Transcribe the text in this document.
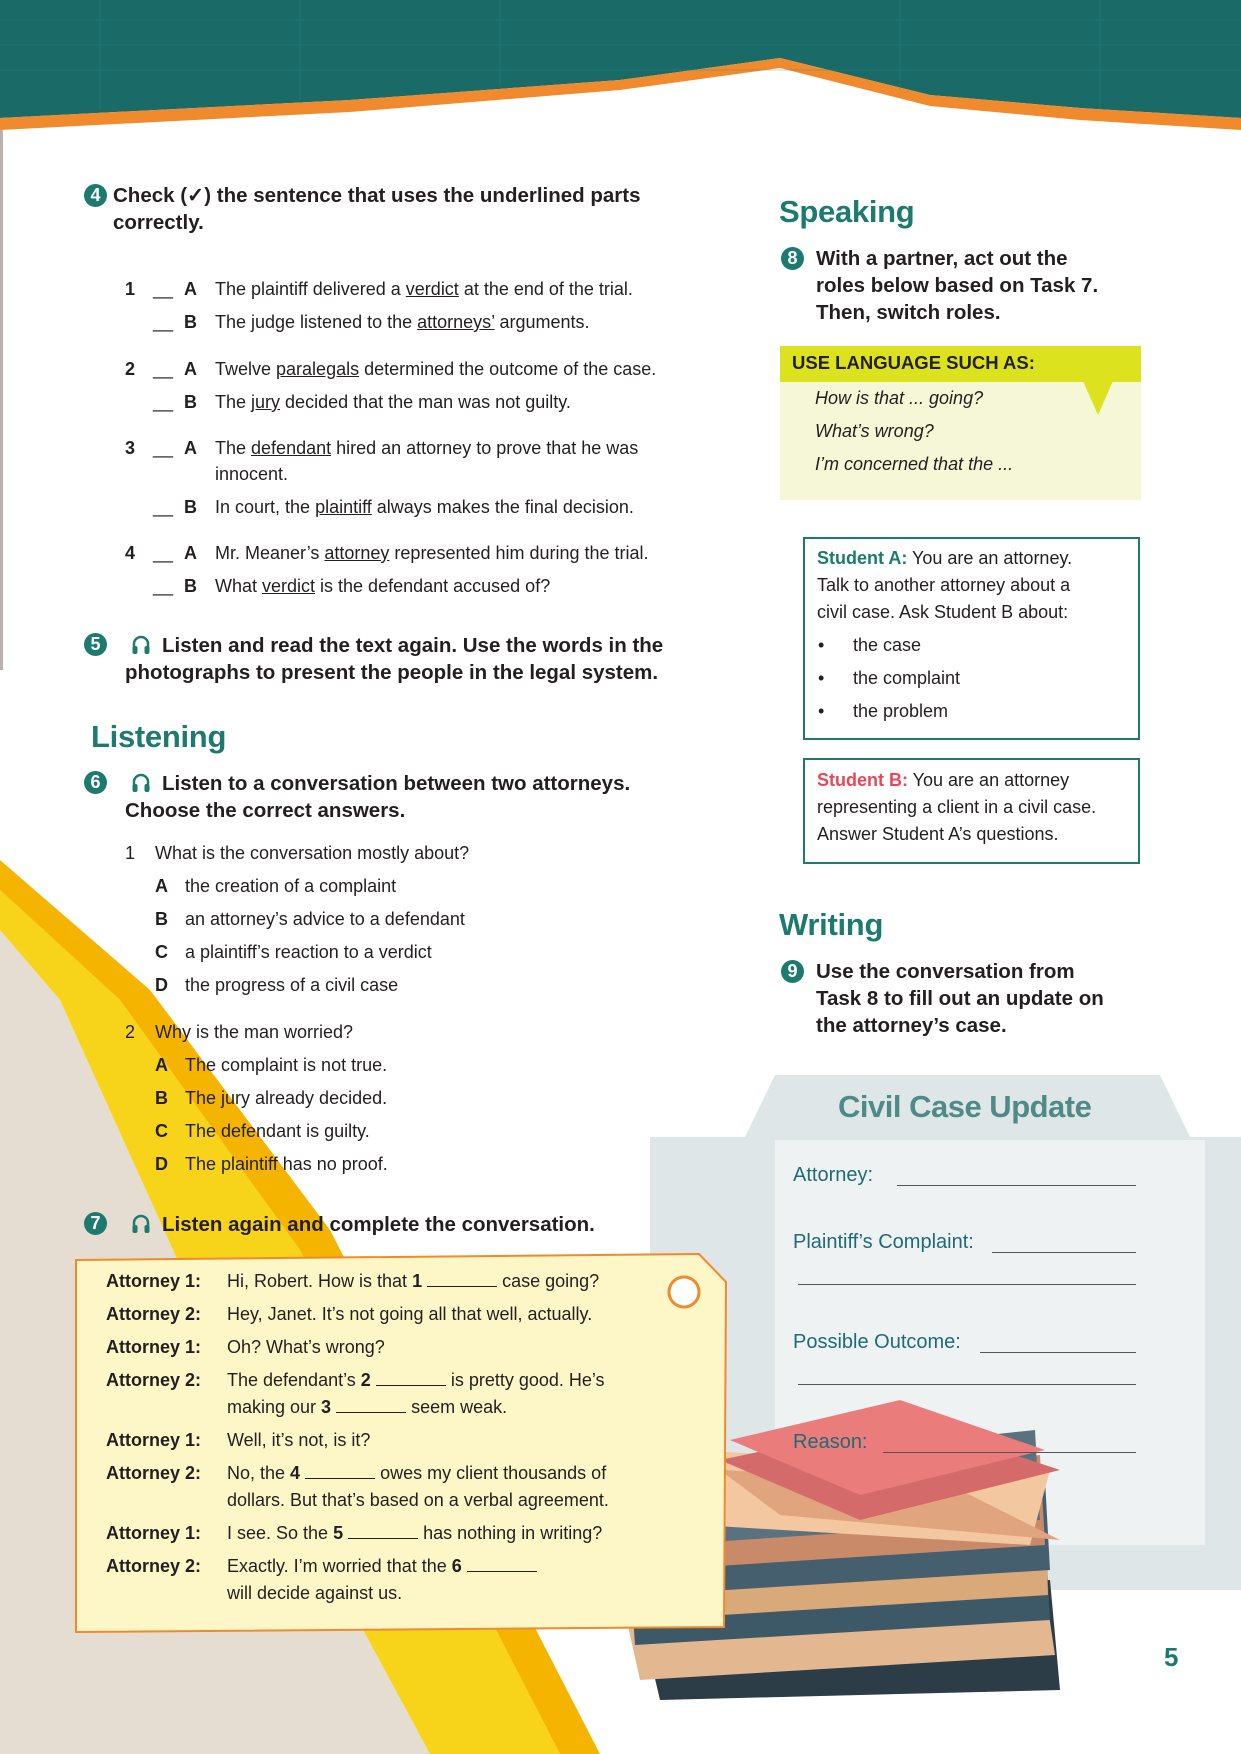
4 Check (✓) the sentence that uses the underlined parts correctly.
1 __ A The plaintiff delivered a verdict at the end of the trial.
__ B The judge listened to the attorneys’ arguments.
2 __ A Twelve paralegals determined the outcome of the case.
__ B The jury decided that the man was not guilty.
3 __ A The defendant hired an attorney to prove that he was
innocent.
__ B In court, the plaintiff always makes the final decision.
4 __ A Mr. Meaner’s attorney represented him during the trial.
__ B What verdict is the defendant accused of?
5	Listen and read the text again. Use the words in the
photographs to present the people in the legal system.
Listening
6	Listen to a conversation between two attorneys.
Choose the correct answers.
1 What is the conversation mostly about?
A the creation of a complaint
B an attorney’s advice to a defendant
C a plaintiff’s reaction to a verdict
D the progress of a civil case
2 Why is the man worried?
A The complaint is not true.
B The jury already decided.
C The defendant is guilty.
D The plaintiff has no proof.
7	Listen again and complete the conversation.
Attorney 1: Hi, Robert. How is that 1	case going?
Attorney 2: Hey, Janet. It’s not going all that well, actually.
Attorney 1: Oh? What’s wrong?
Attorney 2: The defendant’s 2	is pretty good. He’s
making our 3	seem weak.
Attorney 1: Well, it’s not, is it?
Attorney 2: No, the 4	owes my client thousands of
dollars. But that’s based on a verbal agreement.
Attorney 1: I see. So the 5	has nothing in writing?
Attorney 2: Exactly. I’m worried that the 6
will decide against us.
Speaking
8 With a partner, act out the
roles below based on Task 7.
Then, switch roles.
USE LANGUAGE SUCH AS:
How is that ... going?
What’s wrong?
I’m concerned that the ...
Student A: You are an attorney.
Talk to another attorney about a
civil case. Ask Student B about:
• the case
• the complaint
• the problem
Student B: You are an attorney
representing a client in a civil case.
Answer Student A’s questions.
Writing
9 Use the conversation from
Task 8 to fill out an update on
the attorney’s case.
Civil Case Update
Attorney:
Plaintiff’s Complaint:
Possible Outcome:
Reason:
5
